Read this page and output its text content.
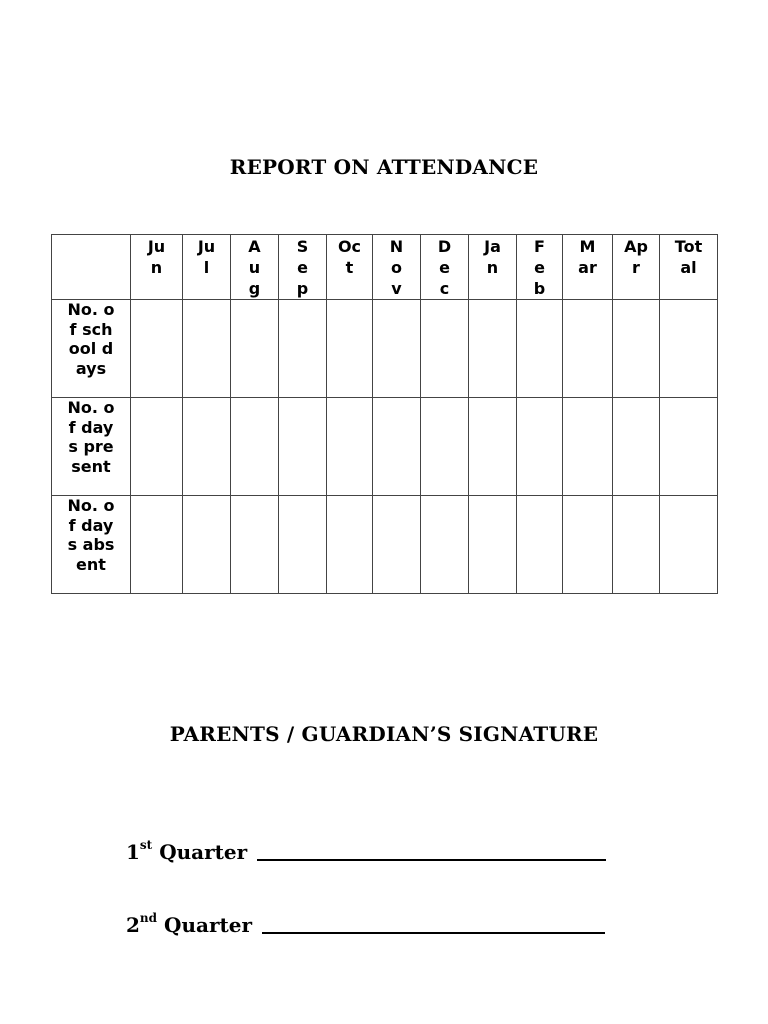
REPORT ON ATTENDANCE

	Jun	Jul	Aug	Sep	Oct	Nov	Dec	Jan	Feb	Mar	Apr	Total

No. of school days												

No. of days present												

No. of days absent												

PARENTS / GUARDIAN’S SIGNATURE
1st
Quarter
2nd
Quarter
